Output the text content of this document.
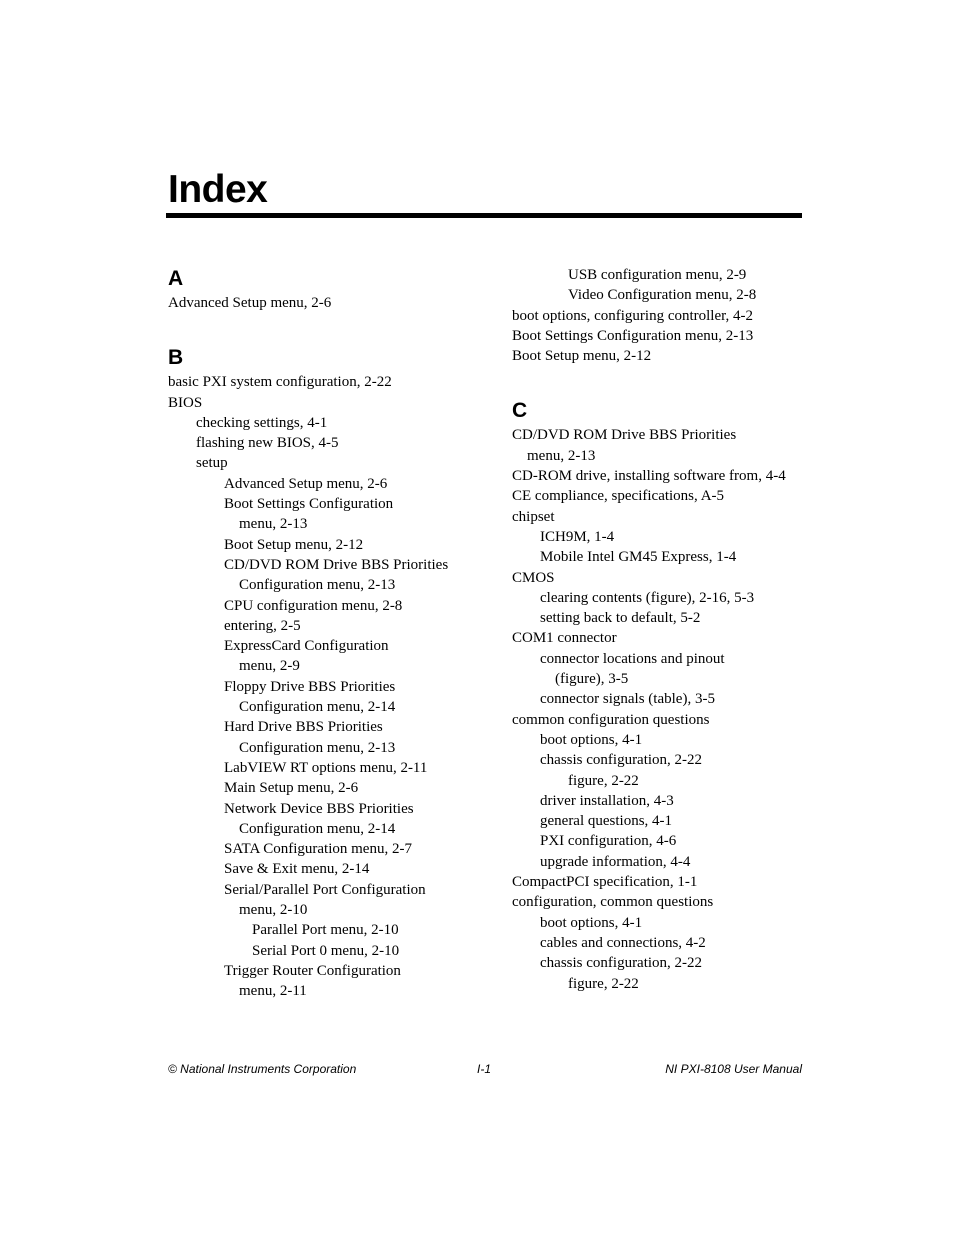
Index
A
Advanced Setup menu, 2-6
B
basic PXI system configuration, 2-22
BIOS
checking settings, 4-1
flashing new BIOS, 4-5
setup
Advanced Setup menu, 2-6
Boot Settings Configuration
menu, 2-13
Boot Setup menu, 2-12
CD/DVD ROM Drive BBS Priorities
Configuration menu, 2-13
CPU configuration menu, 2-8
entering, 2-5
ExpressCard Configuration
menu, 2-9
Floppy Drive BBS Priorities
Configuration menu, 2-14
Hard Drive BBS Priorities
Configuration menu, 2-13
LabVIEW RT options menu, 2-11
Main Setup menu, 2-6
Network Device BBS Priorities
Configuration menu, 2-14
SATA Configuration menu, 2-7
Save & Exit menu, 2-14
Serial/Parallel Port Configuration
menu, 2-10
Parallel Port menu, 2-10
Serial Port 0 menu, 2-10
Trigger Router Configuration
menu, 2-11
USB configuration menu, 2-9
Video Configuration menu, 2-8
boot options, configuring controller, 4-2
Boot Settings Configuration menu, 2-13
Boot Setup menu, 2-12
C
CD/DVD ROM Drive BBS Priorities
menu, 2-13
CD-ROM drive, installing software from, 4-4
CE compliance, specifications, A-5
chipset
ICH9M, 1-4
Mobile Intel GM45 Express, 1-4
CMOS
clearing contents (figure), 2-16, 5-3
setting back to default, 5-2
COM1 connector
connector locations and pinout
(figure), 3-5
connector signals (table), 3-5
common configuration questions
boot options, 4-1
chassis configuration, 2-22
figure, 2-22
driver installation, 4-3
general questions, 4-1
PXI configuration, 4-6
upgrade information, 4-4
CompactPCI specification, 1-1
configuration, common questions
boot options, 4-1
cables and connections, 4-2
chassis configuration, 2-22
figure, 2-22
© National Instruments Corporation	I-1	NI PXI-8108 User Manual
